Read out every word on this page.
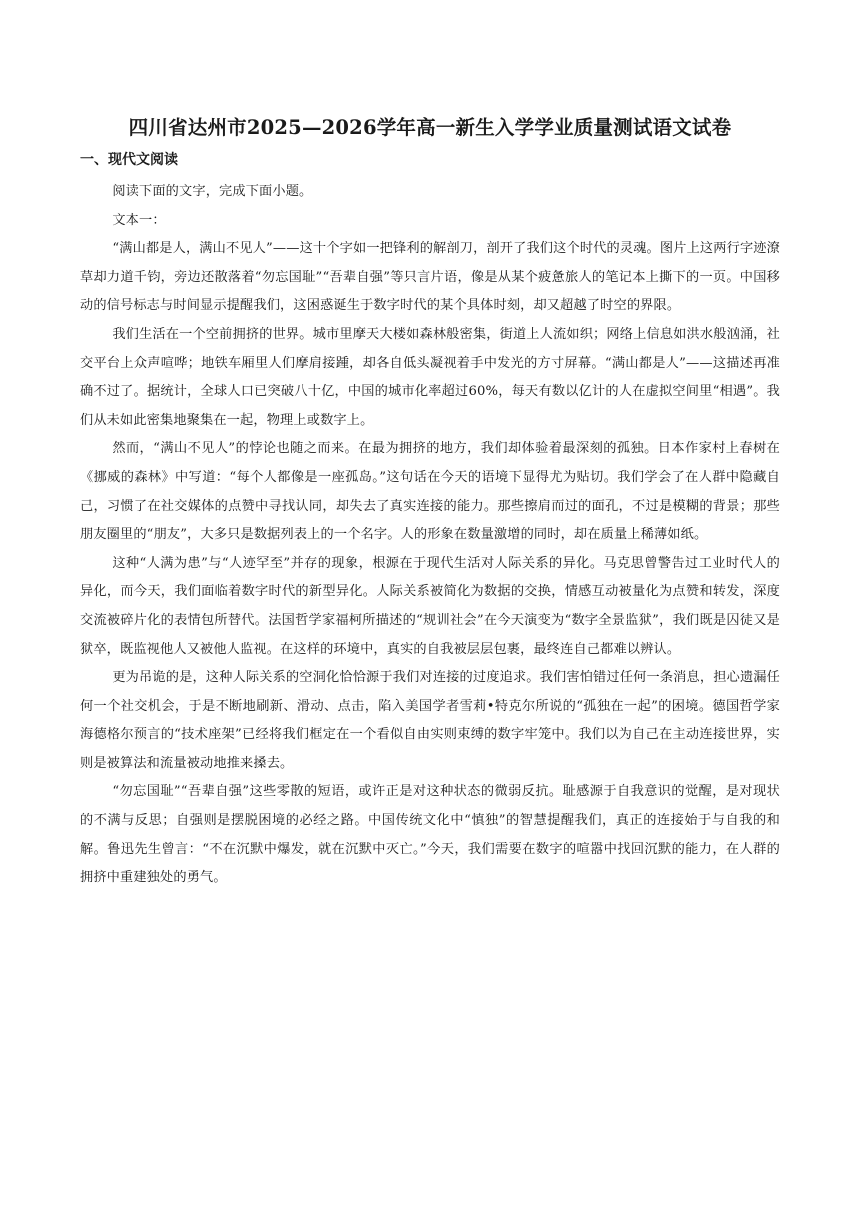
四川省达州市2025—2026学年高一新生入学学业质量测试语文试卷
一、现代文阅读

阅读下面的文字，完成下面小题。

文本一：

“满山都是人，满山不见人”——这十个字如一把锋利的解剖刀，剖开了我们这个时代的灵魂。图片上这两行字迹潦草却力道千钧，旁边还散落着“勿忘国耻”“吾辈自强”等只言片语，像是从某个疲惫旅人的笔记本上撕下的一页。中国移动的信号标志与时间显示提醒我们，这困惑诞生于数字时代的某个具体时刻，却又超越了时空的界限。

我们生活在一个空前拥挤的世界。城市里摩天大楼如森林般密集，街道上人流如织；网络上信息如洪水般汹涌，社交平台上众声喧哗；地铁车厢里人们摩肩接踵，却各自低头凝视着手中发光的方寸屏幕。“满山都是人”——这描述再准确不过了。据统计，全球人口已突破八十亿，中国的城市化率超过60%，每天有数以亿计的人在虚拟空间里“相遇”。我们从未如此密集地聚集在一起，物理上或数字上。

然而，“满山不见人”的悖论也随之而来。在最为拥挤的地方，我们却体验着最深刻的孤独。日本作家村上春树在《挪威的森林》中写道：“每个人都像是一座孤岛。”这句话在今天的语境下显得尤为贴切。我们学会了在人群中隐藏自己，习惯了在社交媒体的点赞中寻找认同，却失去了真实连接的能力。那些擦肩而过的面孔，不过是模糊的背景；那些朋友圈里的“朋友”，大多只是数据列表上的一个名字。人的形象在数量激增的同时，却在质量上稀薄如纸。

这种“人满为患”与“人迹罕至”并存的现象，根源在于现代生活对人际关系的异化。马克思曾警告过工业时代人的异化，而今天，我们面临着数字时代的新型异化。人际关系被简化为数据的交换，情感互动被量化为点赞和转发，深度交流被碎片化的表情包所替代。法国哲学家福柯所描述的“规训社会”在今天演变为“数字全景监狱”，我们既是囚徒又是狱卒，既监视他人又被他人监视。在这样的环境中，真实的自我被层层包裹，最终连自己都难以辨认。

更为吊诡的是，这种人际关系的空洞化恰恰源于我们对连接的过度追求。我们害怕错过任何一条消息，担心遗漏任何一个社交机会，于是不断地刷新、滑动、点击，陷入美国学者雪莉•特克尔所说的“孤独在一起”的困境。德国哲学家海德格尔预言的“技术座架”已经将我们框定在一个看似自由实则束缚的数字牢笼中。我们以为自己在主动连接世界，实则是被算法和流量被动地推来搡去。

“勿忘国耻”“吾辈自强”这些零散的短语，或许正是对这种状态的微弱反抗。耻感源于自我意识的觉醒，是对现状的不满与反思；自强则是摆脱困境的必经之路。中国传统文化中“慎独”的智慧提醒我们，真正的连接始于与自我的和解。鲁迅先生曾言：“不在沉默中爆发，就在沉默中灭亡。”今天，我们需要在数字的喧嚣中找回沉默的能力，在人群的拥挤中重建独处的勇气。
